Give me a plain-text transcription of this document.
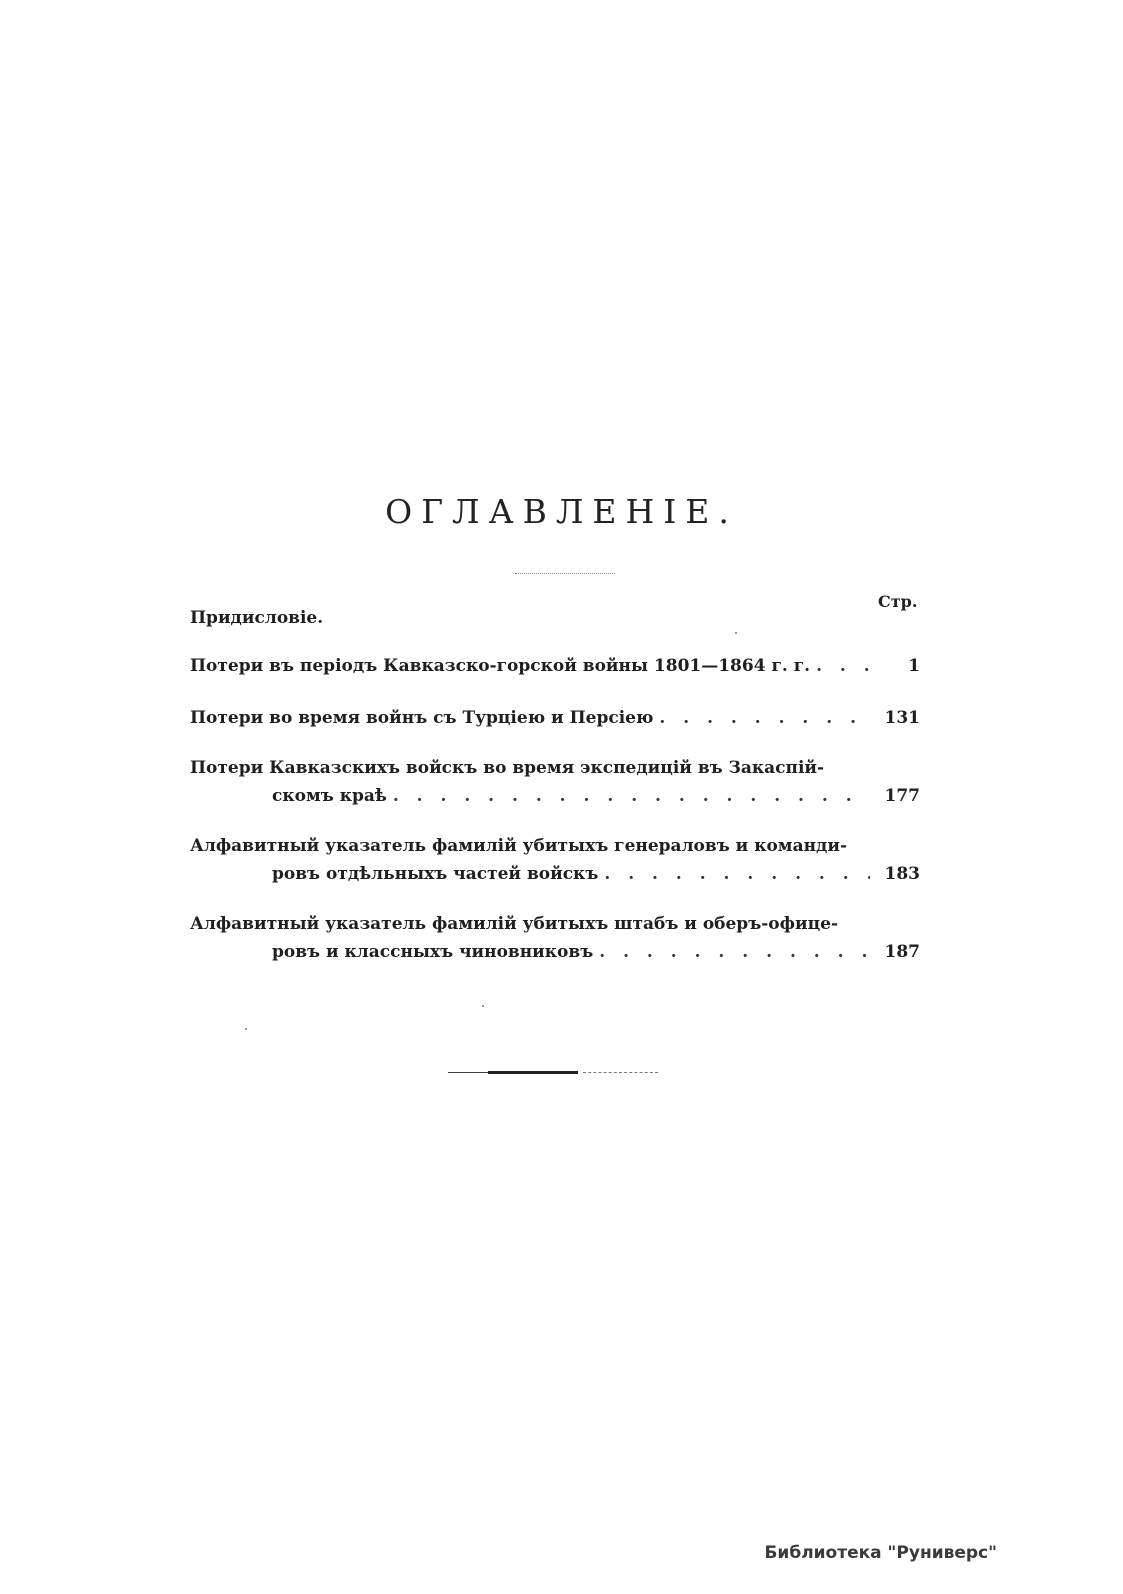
ОГЛАВЛЕНІЕ.
Стр.
Придисловіе.
Потери въ періодъ Кавказско-горской войны 1801—1864 г. г. . . .	1
Потери во время войнъ съ Турціею и Персіею . . .	131
Потери Кавказскихъ войскъ во время экспедицій въ Закаспій-
скомъ краѣ . . .	177
Алфавитный указатель фамилій убитыхъ генераловъ и команди-
ровъ отдѣльныхъ частей войскъ . . .	183
Алфавитный указатель фамилій убитыхъ штабъ и оберъ-офице-
ровъ и классныхъ чиновниковъ . . .	187
Библиотека "Руниверс"
